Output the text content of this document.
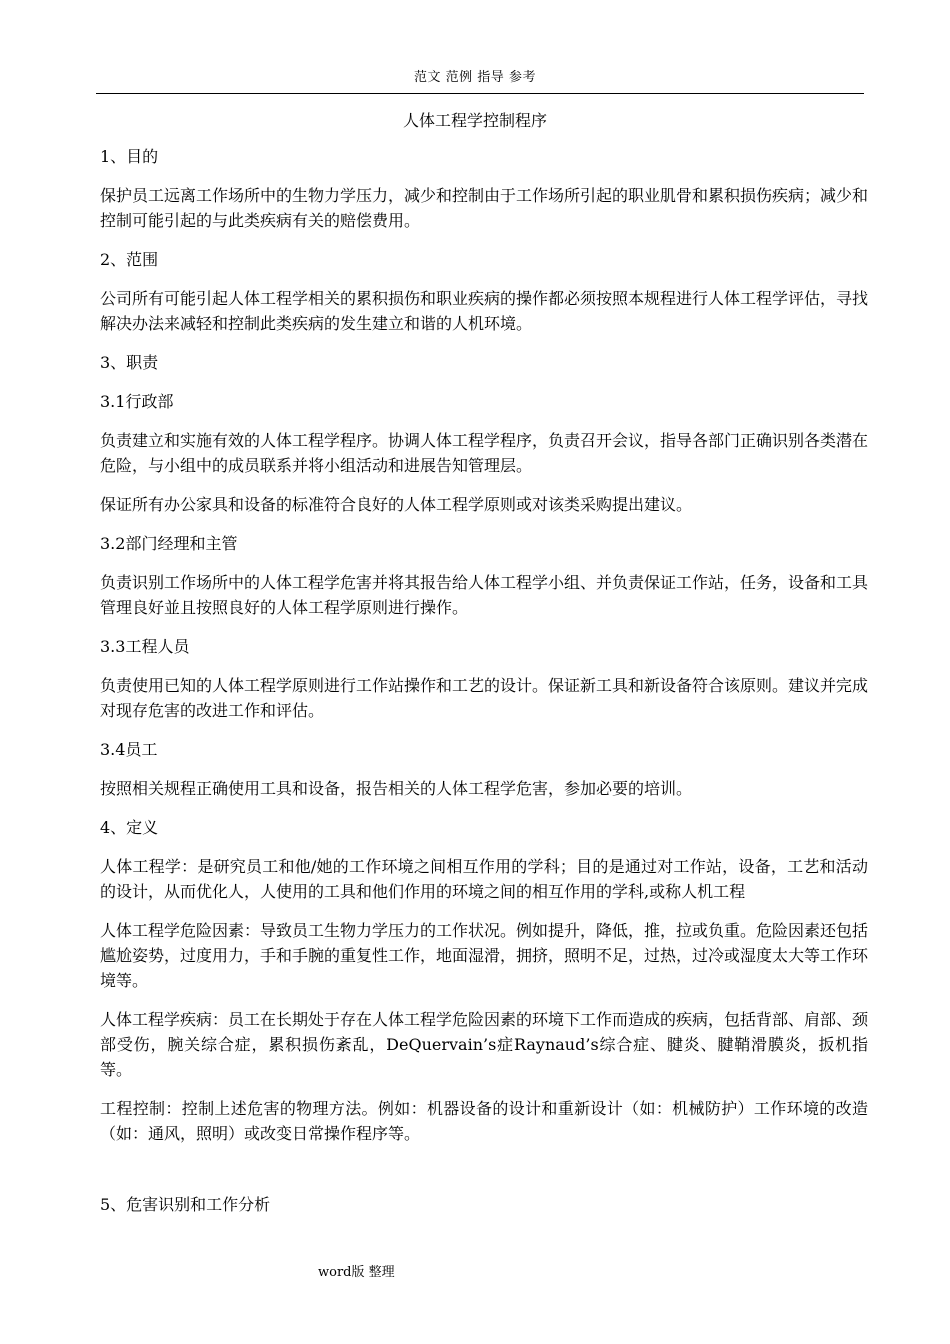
范文 范例 指导 参考
人体工程学控制程序

1、目的

保护员工远离工作场所中的生物力学压力，减少和控制由于工作场所引起的职业肌骨和累积损伤疾病；减少和控制可能引起的与此类疾病有关的赔偿费用。

2、范围

公司所有可能引起人体工程学相关的累积损伤和职业疾病的操作都必须按照本规程进行人体工程学评估，寻找解决办法来减轻和控制此类疾病的发生建立和谐的人机环境。

3、职责

3.1行政部

负责建立和实施有效的人体工程学程序。协调人体工程学程序，负责召开会议，指导各部门正确识别各类潜在危险，与小组中的成员联系并将小组活动和进展告知管理层。

保证所有办公家具和设备的标准符合良好的人体工程学原则或对该类采购提出建议。

3.2部门经理和主管

负责识别工作场所中的人体工程学危害并将其报告给人体工程学小组、并负责保证工作站，任务，设备和工具管理良好並且按照良好的人体工程学原则进行操作。

3.3工程人员

负责使用已知的人体工程学原则进行工作站操作和工艺的设计。保证新工具和新设备符合该原则。建议并完成对现存危害的改进工作和评估。

3.4员工

按照相关规程正确使用工具和设备，报告相关的人体工程学危害，参加必要的培训。

4、定义

人体工程学：是研究员工和他/她的工作环境之间相互作用的学科；目的是通过对工作站，设备，工艺和活动的设计，从而优化人，人使用的工具和他们作用的环境之间的相互作用的学科,或称人机工程

人体工程学危险因素：导致员工生物力学压力的工作状况。例如提升，降低，推，拉或负重。危险因素还包括尴尬姿势，过度用力，手和手腕的重复性工作，地面湿滑，拥挤，照明不足，过热，过冷或湿度太大等工作环境等。

人体工程学疾病：员工在长期处于存在人体工程学危险因素的环境下工作而造成的疾病，包括背部、肩部、颈部受伤，腕关综合症，累积损伤紊乱，DeQuervain’s症Raynaud’s综合症、腱炎、腱鞘滑膜炎，扳机指等。

工程控制：控制上述危害的物理方法。例如：机器设备的设计和重新设计（如：机械防护）工作环境的改造（如：通风，照明）或改变日常操作程序等。

5、危害识别和工作分析

word版 整理
